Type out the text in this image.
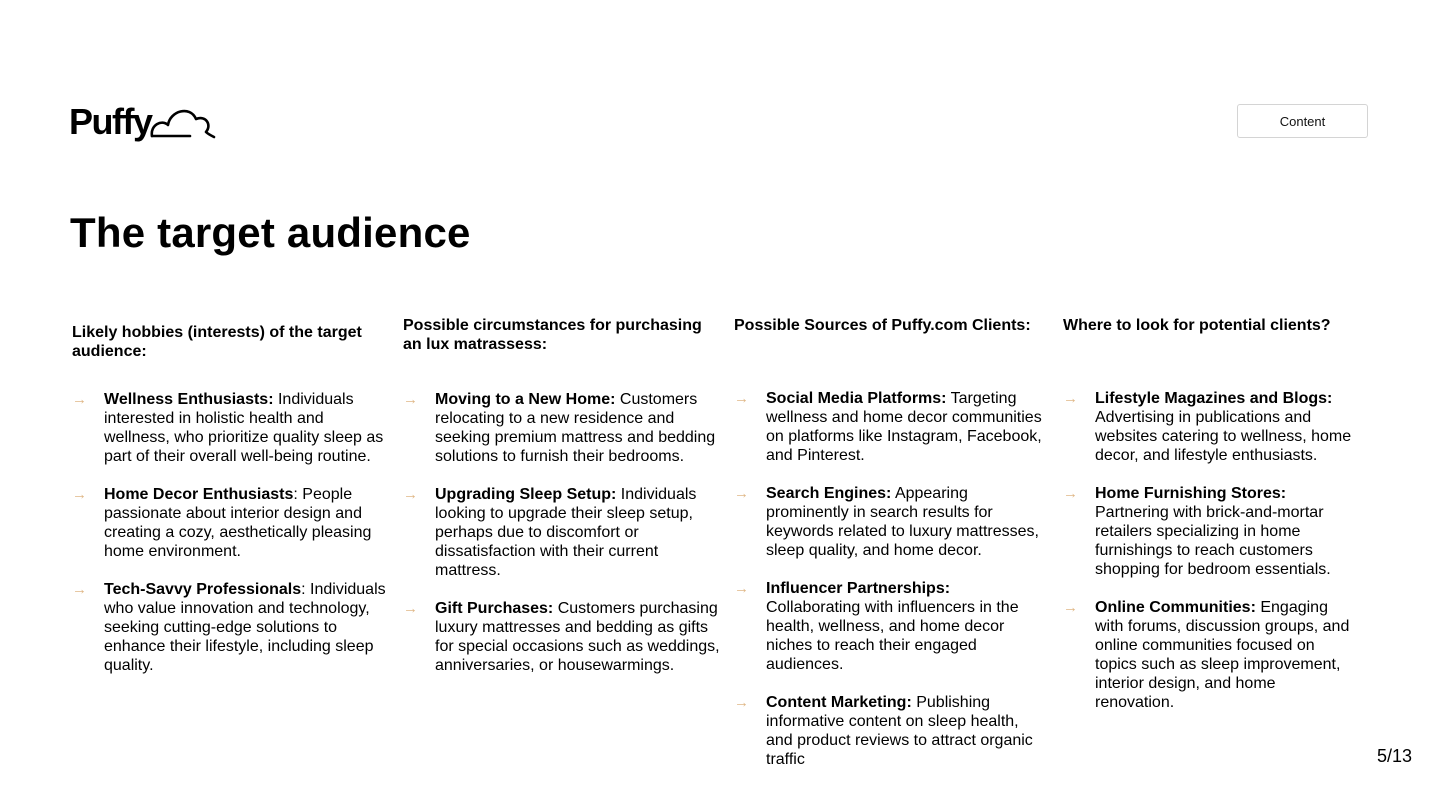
Puffy	Content
The target audience

Likely hobbies (interests) of the target audience:

→ Wellness Enthusiasts: Individuals interested in holistic health and wellness, who prioritize quality sleep as part of their overall well-being routine.
→ Home Decor Enthusiasts: People passionate about interior design and creating a cozy, aesthetically pleasing home environment.
→ Tech-Savvy Professionals: Individuals who value innovation and technology, seeking cutting-edge solutions to enhance their lifestyle, including sleep quality.

Possible circumstances for purchasing an lux matrassess:

→ Moving to a New Home: Customers relocating to a new residence and seeking premium mattress and bedding solutions to furnish their bedrooms.
→ Upgrading Sleep Setup: Individuals looking to upgrade their sleep setup, perhaps due to discomfort or dissatisfaction with their current mattress.
→ Gift Purchases: Customers purchasing luxury mattresses and bedding as gifts for special occasions such as weddings, anniversaries, or housewarmings.

Possible Sources of Puffy.com Clients:

→ Social Media Platforms: Targeting wellness and home decor communities on platforms like Instagram, Facebook, and Pinterest.
→ Search Engines: Appearing prominently in search results for keywords related to luxury mattresses, sleep quality, and home decor.
→ Influencer Partnerships: Collaborating with influencers in the health, wellness, and home decor niches to reach their engaged audiences.
→ Content Marketing: Publishing informative content on sleep health, and product reviews to attract organic traffic

Where to look for potential clients?

→ Lifestyle Magazines and Blogs: Advertising in publications and websites catering to wellness, home decor, and lifestyle enthusiasts.
→ Home Furnishing Stores: Partnering with brick-and-mortar retailers specializing in home furnishings to reach customers shopping for bedroom essentials.
→ Online Communities: Engaging with forums, discussion groups, and online communities focused on topics such as sleep improvement, interior design, and home renovation.
5/13
